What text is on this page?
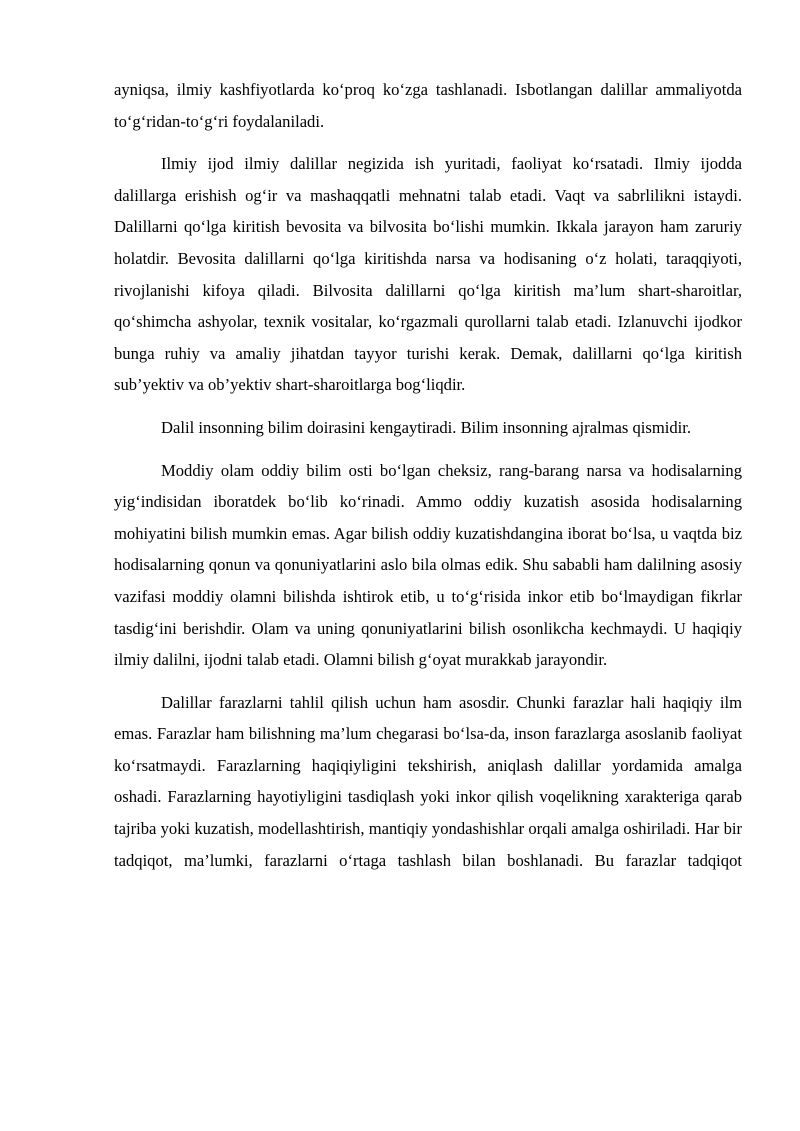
ayniqsa, ilmiy kashfiyotlarda ko‘proq ko‘zga tashlanadi. Isbotlangan dalillar ammaliyotda to‘g‘ridan-to‘g‘ri foydalaniladi.

Ilmiy ijod ilmiy dalillar negizida ish yuritadi, faoliyat ko‘rsatadi. Ilmiy ijodda dalillarga erishish og‘ir va mashaqqatli mehnatni talab etadi. Vaqt va sabrlilikni istaydi. Dalillarni qo‘lga kiritish bevosita va bilvosita bo‘lishi mumkin. Ikkala jarayon ham zaruriy holatdir. Bevosita dalillarni qo‘lga kiritishda narsa va hodisaning o‘z holati, taraqqiyoti, rivojlanishi kifoya qiladi. Bilvosita dalillarni qo‘lga kiritish ma’lum shart-sharoitlar, qo‘shimcha ashyolar, texnik vositalar, ko‘rgazmali qurollarni talab etadi. Izlanuvchi ijodkor bunga ruhiy va amaliy jihatdan tayyor turishi kerak. Demak, dalillarni qo‘lga kiritish sub’yektiv va ob’yektiv shart-sharoitlarga bog‘liqdir.

Dalil insonning bilim doirasini kengaytiradi. Bilim insonning ajralmas qismidir.

Moddiy olam oddiy bilim osti bo‘lgan cheksiz, rang-barang narsa va hodisalarning yig‘indisidan iboratdek bo‘lib ko‘rinadi. Ammo oddiy kuzatish asosida hodisalarning mohiyatini bilish mumkin emas. Agar bilish oddiy kuzatishdangina iborat bo‘lsa, u vaqtda biz hodisalarning qonun va qonuniyatlarini aslo bila olmas edik. Shu sababli ham dalilning asosiy vazifasi moddiy olamni bilishda ishtirok etib, u to‘g‘risida inkor etib bo‘lmaydigan fikrlar tasdig‘ini berishdir. Olam va uning qonuniyatlarini bilish osonlikcha kechmaydi. U haqiqiy ilmiy dalilni, ijodni talab etadi. Olamni bilish g‘oyat murakkab jarayondir.

Dalillar farazlarni tahlil qilish uchun ham asosdir. Chunki farazlar hali haqiqiy ilm emas. Farazlar ham bilishning ma’lum chegarasi bo‘lsa-da, inson farazlarga asoslanib faoliyat ko‘rsatmaydi. Farazlarning haqiqiyligini tekshirish, aniqlash dalillar yordamida amalga oshadi. Farazlarning hayotiyligini tasdiqlash yoki inkor qilish voqelikning xarakteriga qarab tajriba yoki kuzatish, modellashtirish, mantiqiy yondashishlar orqali amalga oshiriladi. Har bir tadqiqot, ma’lumki, farazlarni o‘rtaga tashlash bilan boshlanadi. Bu farazlar tadqiqot
